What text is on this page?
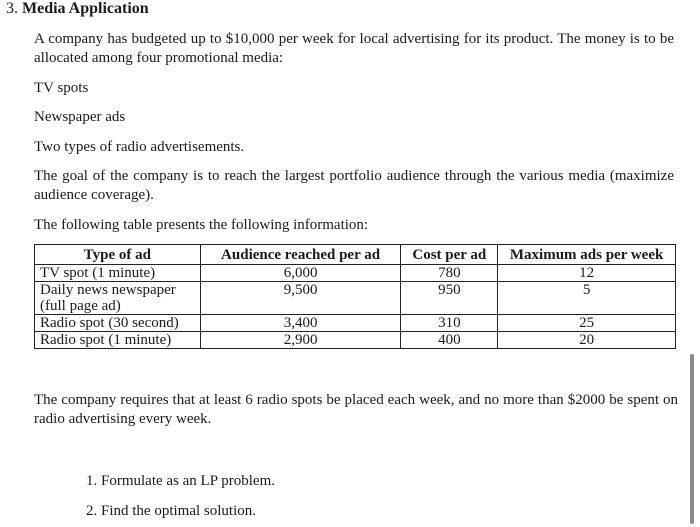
3. Media Application
A company has budgeted up to $10,000 per week for local advertising for its product. The money is to be allocated among four promotional media:
TV spots
Newspaper ads
Two types of radio advertisements.
The goal of the company is to reach the largest portfolio audience through the various media (maximize audience coverage).
The following table presents the following information:
Type of ad	Audience reached per ad	Cost per ad	Maximum ads per week
TV spot (1 minute)	6,000	780	12
Daily news newspaper (full page ad)	9,500	950	5
Radio spot (30 second)	3,400	310	25
Radio spot (1 minute)	2,900	400	20
The company requires that at least 6 radio spots be placed each week, and no more than $2000 be spent on radio advertising every week.
1. Formulate as an LP problem.
2. Find the optimal solution.
